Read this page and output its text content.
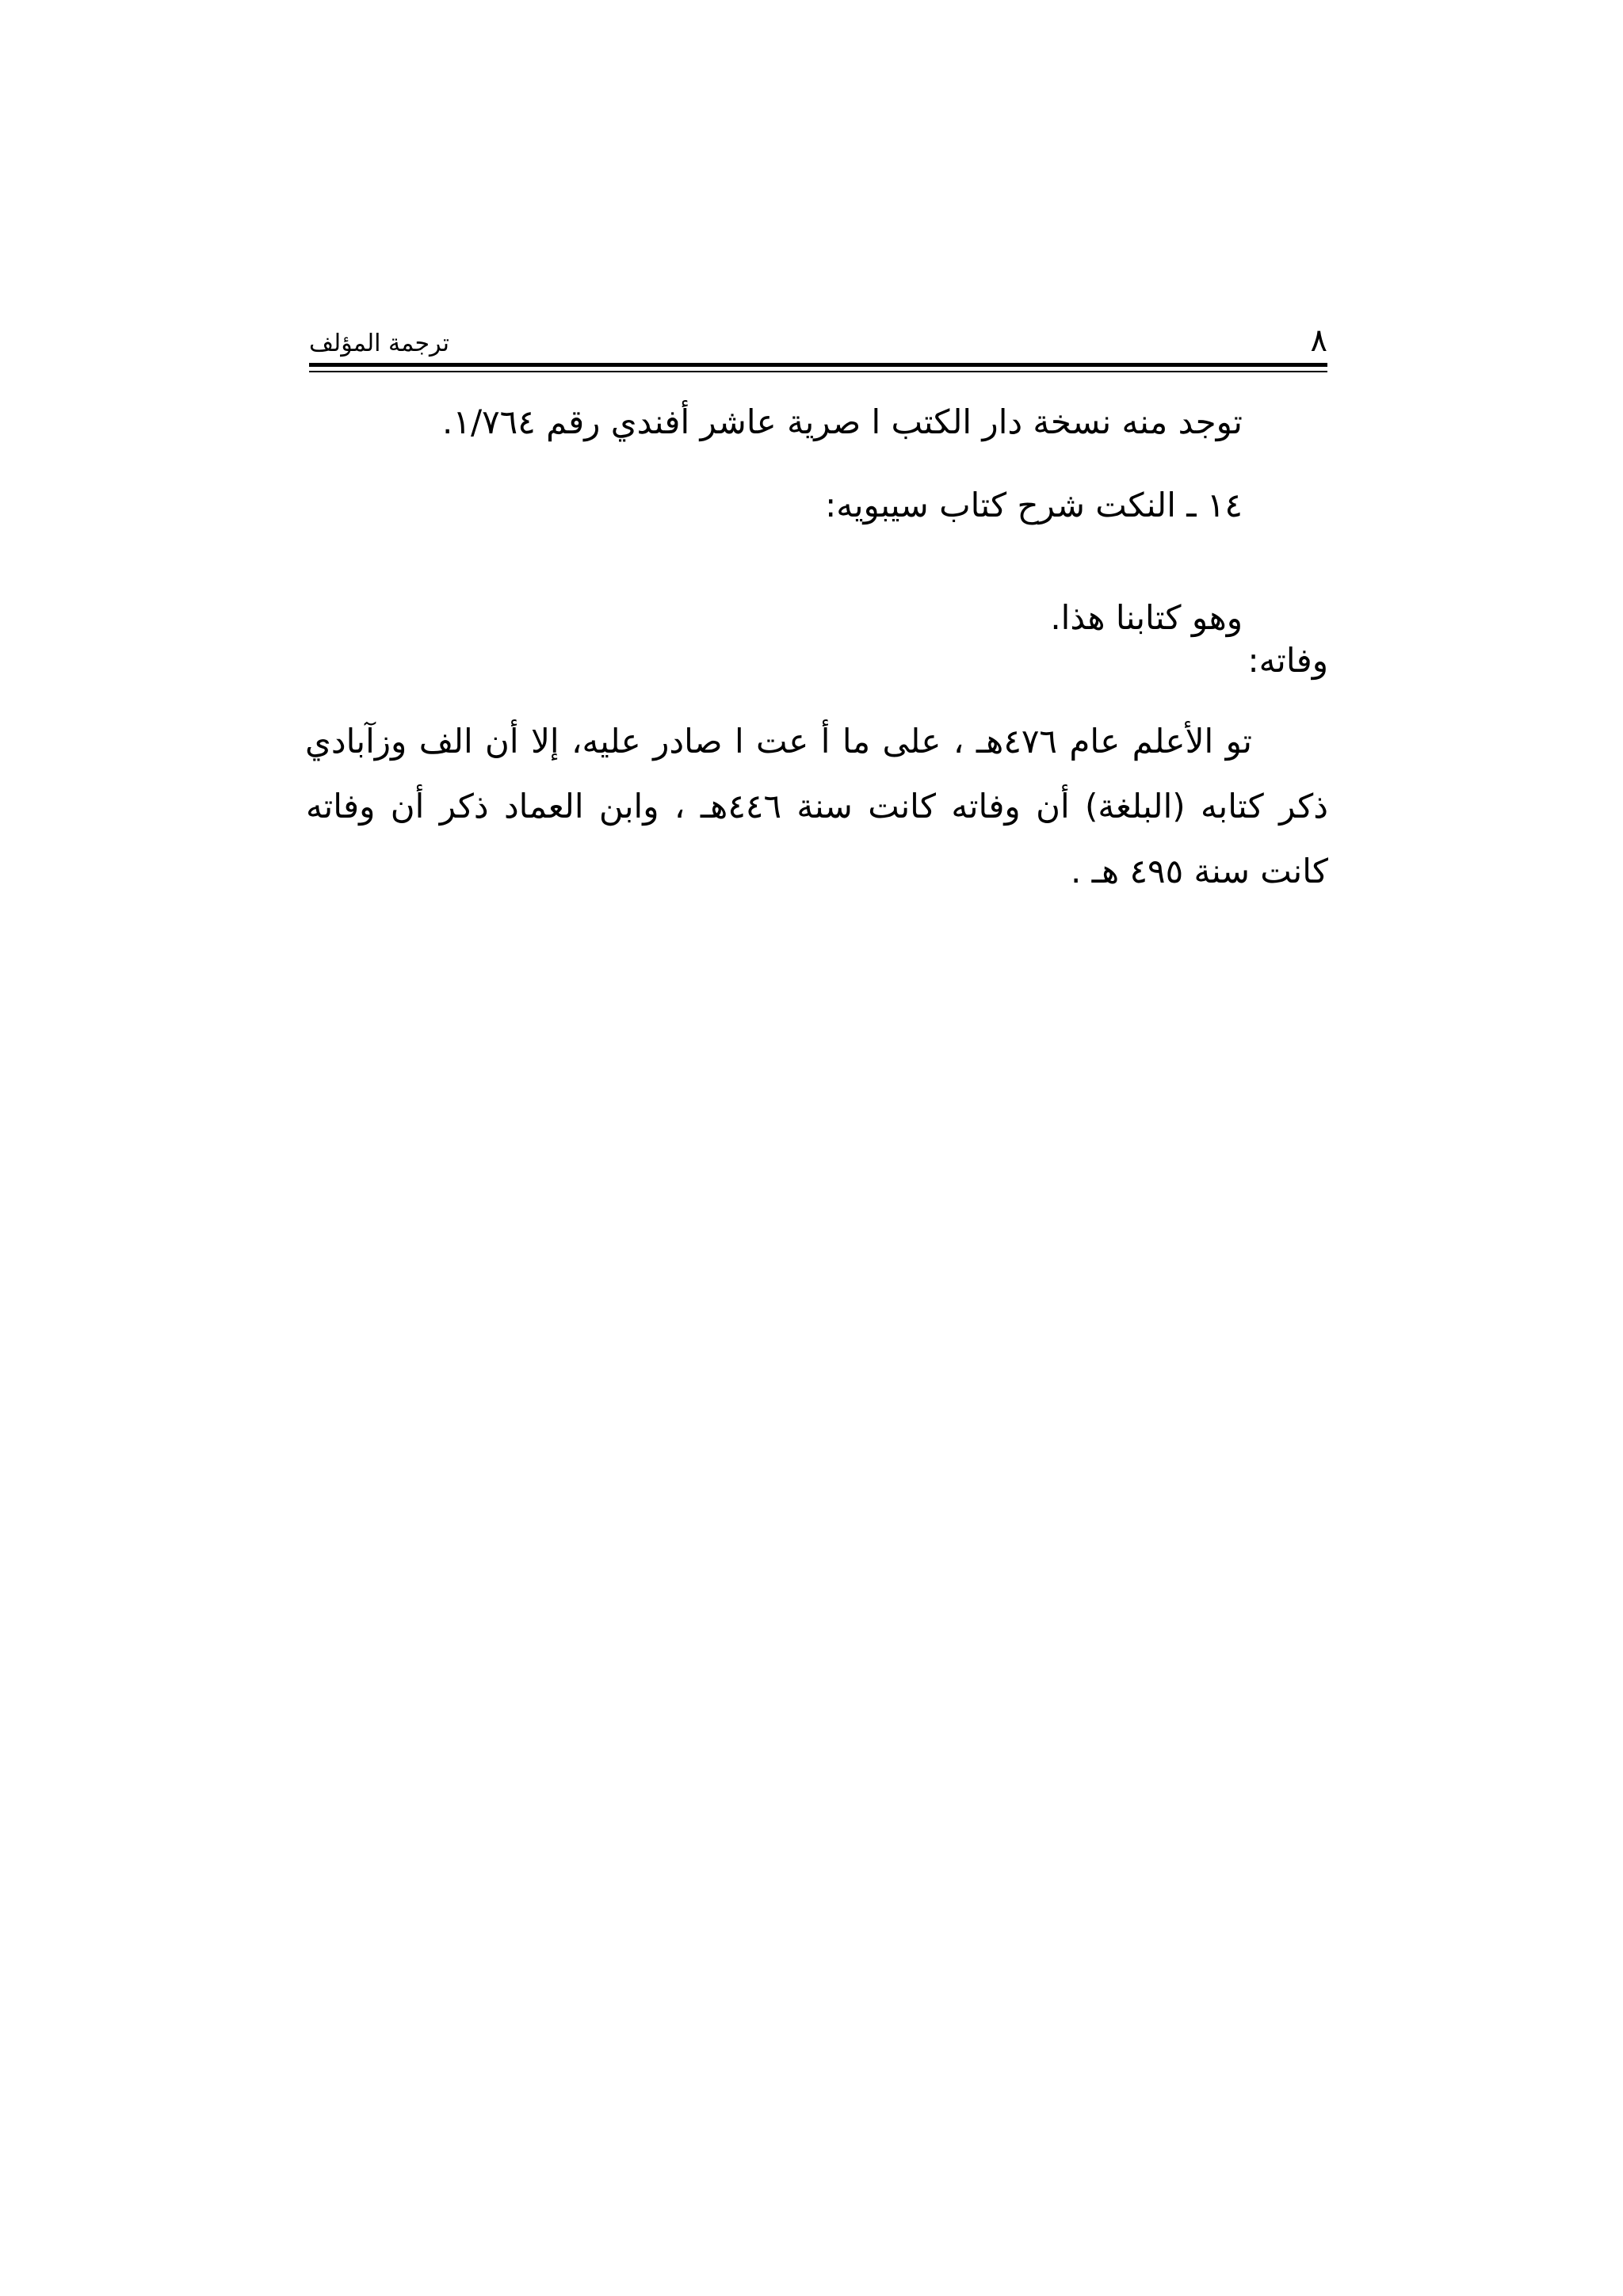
٨
ترجمة المؤلف
توجد منه نسخة دار الكتب ا صرية عاشر أفندي رقم ١/٧٦٤.
١٤ ـ النكت شرح كتاب سيبويه:
وهو كتابنا هذا.
وفاته:
تو الأعلم عام ٤٧٦هـ ، على ما أ عت ا صادر عليه، إلا أن الف وزآبادي
ذكر كتابه (البلغة) أن وفاته كانت سنة ٤٤٦هـ ، وابن العماد ذكر أن وفاته
كانت سنة ٤٩٥ هـ .
